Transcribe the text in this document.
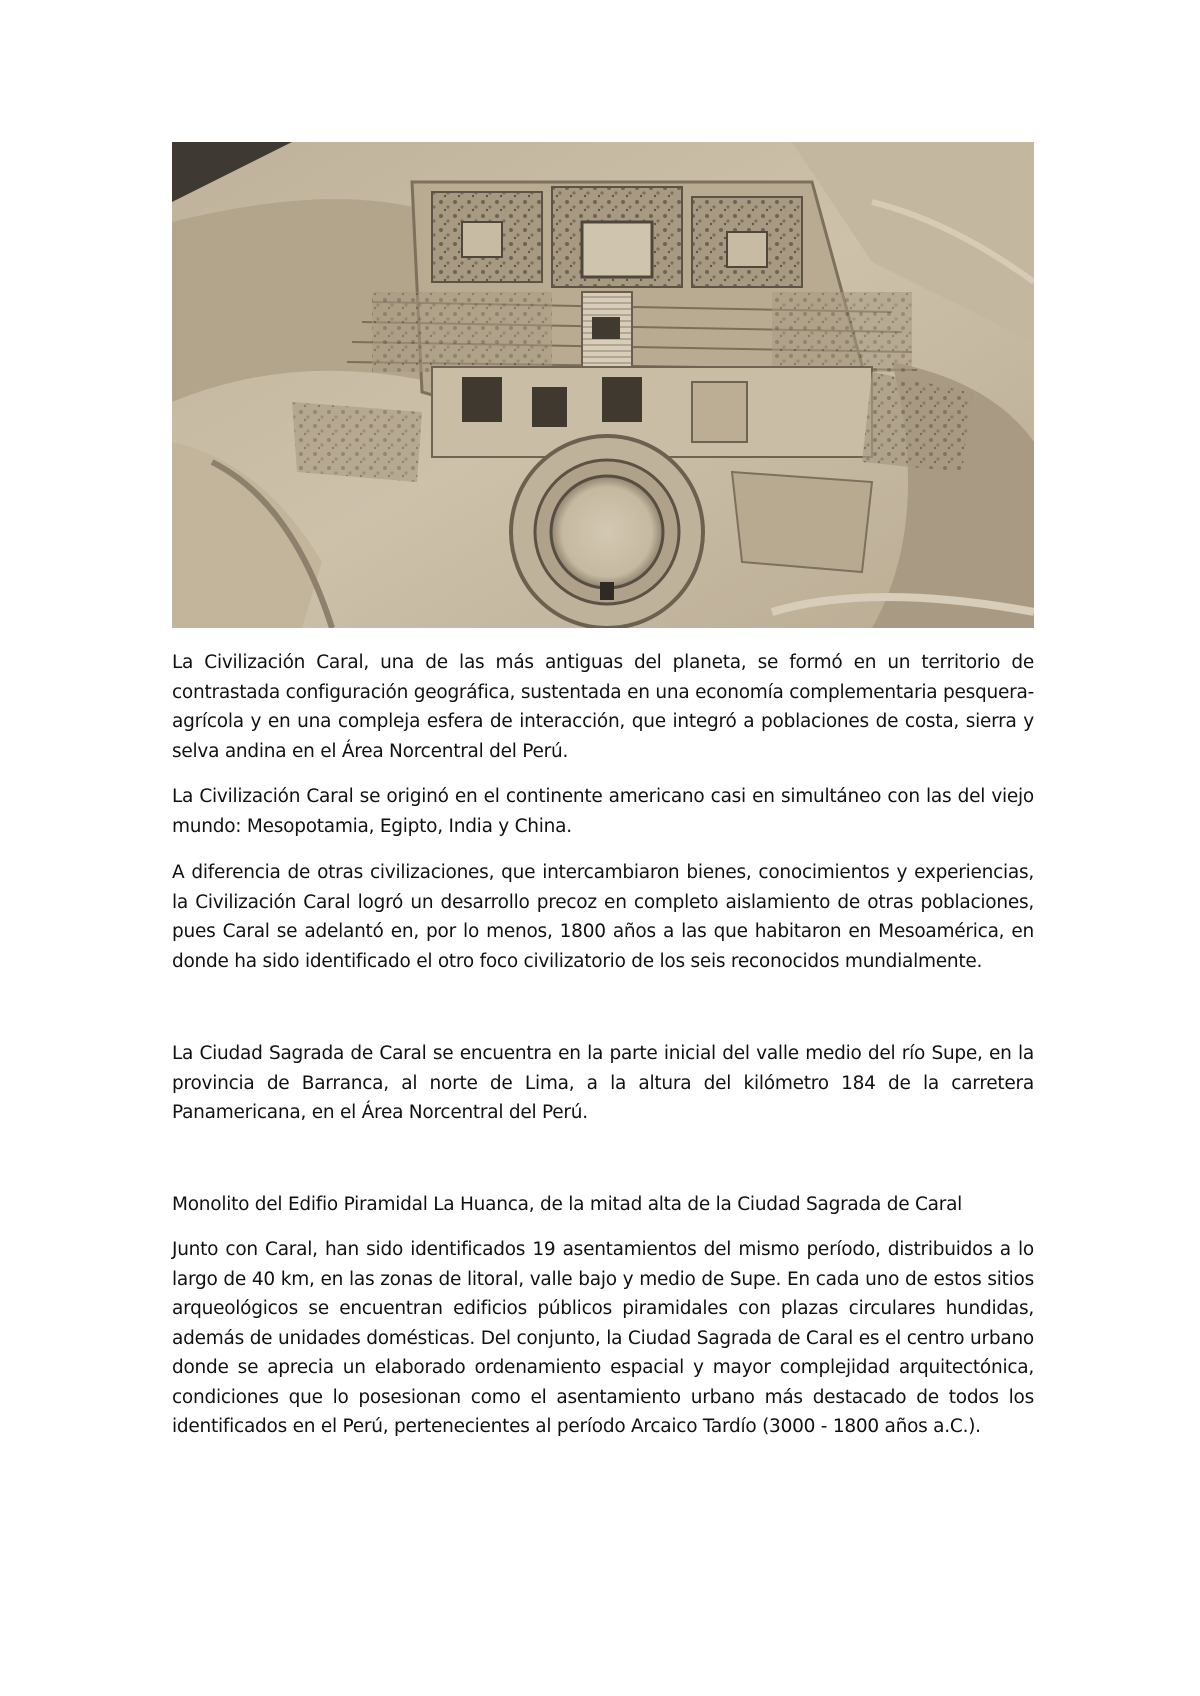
La Civilización Caral, una de las más antiguas del planeta, se formó en un territorio de contrastada configuración geográfica, sustentada en una economía complementaria pesquera-agrícola y en una compleja esfera de interacción, que integró a poblaciones de costa, sierra y selva andina en el Área Norcentral del Perú.

La Civilización Caral se originó en el continente americano casi en simultáneo con las del viejo mundo: Mesopotamia, Egipto, India y China.

A diferencia de otras civilizaciones, que intercambiaron bienes, conocimientos y experiencias, la Civilización Caral logró un desarrollo precoz en completo aislamiento de otras poblaciones, pues Caral se adelantó en, por lo menos, 1800 años a las que habitaron en Mesoamérica, en donde ha sido identificado el otro foco civilizatorio de los seis reconocidos mundialmente.

La Ciudad Sagrada de Caral se encuentra en la parte inicial del valle medio del río Supe, en la provincia de Barranca, al norte de Lima, a la altura del kilómetro 184 de la carretera Panamericana, en el Área Norcentral del Perú.

Monolito del Edifio Piramidal La Huanca, de la mitad alta de la Ciudad Sagrada de Caral

Junto con Caral, han sido identificados 19 asentamientos del mismo período, distribuidos a lo largo de 40 km, en las zonas de litoral, valle bajo y medio de Supe. En cada uno de estos sitios arqueológicos se encuentran edificios públicos piramidales con plazas circulares hundidas, además de unidades domésticas. Del conjunto, la Ciudad Sagrada de Caral es el centro urbano donde se aprecia un elaborado ordenamiento espacial y mayor complejidad arquitectónica, condiciones que lo posesionan como el asentamiento urbano más destacado de todos los identificados en el Perú, pertenecientes al período Arcaico Tardío (3000 - 1800 años a.C.).
